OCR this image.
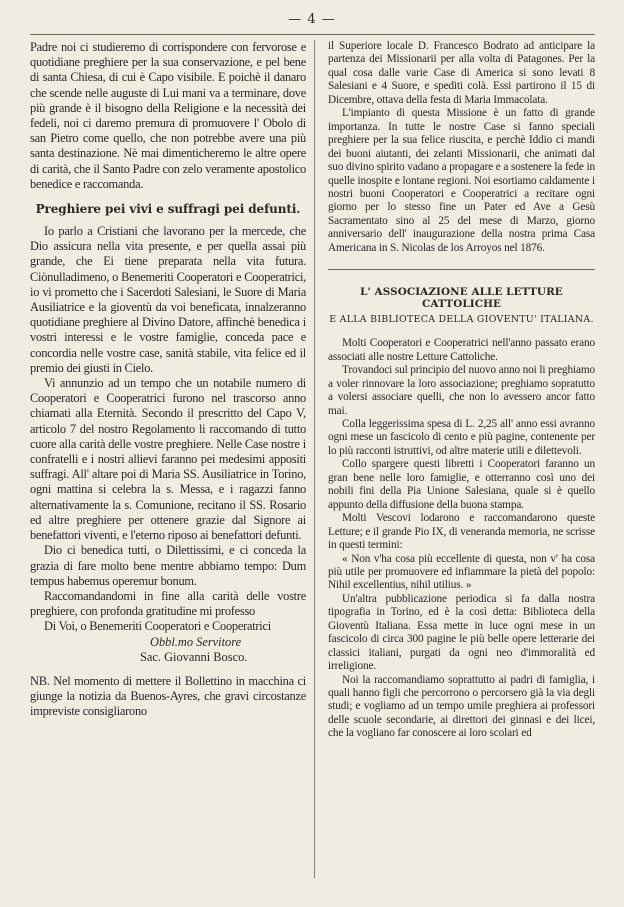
— 4 —

Padre noi ci studieremo di corrispondere con fervorose e quotidiane preghiere per la sua conservazione, e pel bene di santa Chiesa, di cui è Capo visibile. E poichè il danaro che scende nelle auguste di Lui mani va a terminare, dove più grande è il bisogno della Religione e la necessità dei fedeli, noi ci daremo premura di promuovere l' Obolo di san Pietro come quello, che non potrebbe avere una più santa destinazione. Nè mai dimenticheremo le altre opere di carità, che il Santo Padre con zelo veramente apostolico benedice e raccomanda.

Preghiere pei vivi e suffragi pei defunti.

Io parlo a Cristiani che lavorano per la mercede, che Dio assicura nella vita presente, e per quella assai più grande, che Ei tiene preparata nella vita futura. Ciònulladimeno, o Benemeriti Cooperatori e Cooperatrici, io vi prometto che i Sacerdoti Salesiani, le Suore di Maria Ausiliatrice e la gioventù da voi beneficata, innalzeranno quotidiane preghiere al Divino Datore, affinchè benedica i vostri interessi e le vostre famiglie, conceda pace e concordia nelle vostre case, sanità stabile, vita felice ed il premio dei giusti in Cielo.

Vi annunzio ad un tempo che un notabile numero di Cooperatori e Cooperatrici furono nel trascorso anno chiamati alla Eternità. Secondo il prescritto del Capo V, articolo 7 del nostro Regolamento li raccomando di tutto cuore alla carità delle vostre preghiere. Nelle Case nostre i confratelli e i nostri allievi faranno pei medesimi appositi suffragi. All' altare poi di Maria SS. Ausiliatrice in Torino, ogni mattina si celebra la s. Messa, e i ragazzi fanno alternativamente la s. Comunione, recitano il SS. Rosario ed altre preghiere per ottenere grazie dal Signore ai benefattori viventi, e l'eterno riposo ai benefattori defunti.

Dio ci benedica tutti, o Dilettissimi, e ci conceda la grazia di fare molto bene mentre abbiamo tempo: Dum tempus habemus operemur bonum.

Raccomandandomi in fine alla carità delle vostre preghiere, con profonda gratitudine mi professo

Di Voi, o Benemeriti Cooperatori e Cooperatrici

Obbl.mo Servitore

Sac. Giovanni Bosco.

NB. Nel momento di mettere il Bollettino in macchina ci giunge la notizia da Buenos-Ayres, che gravi circostanze impreviste consigliarono

il Superiore locale D. Francesco Bodrato ad anticipare la partenza dei Missionarii per alla volta di Patagones. Per la qual cosa dalle varie Case di America si sono levati 8 Salesiani e 4 Suore, e spediti colà. Essi partirono il 15 di Dicembre, ottava della festa di Maria Immacolata.

L'impianto di questa Missione è un fatto di grande importanza. In tutte le nostre Case si fanno speciali preghiere per la sua felice riuscita, e perchè Iddio ci mandi dei buoni aiutanti, dei zelanti Missionarii, che animati dal suo divino spirito vadano a propagare e a sostenere la fede in quelle inospite e lontane regioni. Noi esortiamo caldamente i nostri buoni Cooperatori e Cooperatrici a recitare ogni giorno per lo stesso fine un Pater ed Ave a Gesù Sacramentato sino al 25 del mese di Marzo, giorno anniversario dell' inaugurazione della nostra prima Casa Americana in S. Nicolas de los Arroyos nel 1876.

L' ASSOCIAZIONE ALLE LETTURE CATTOLICHE

E ALLA BIBLIOTECA DELLA GIOVENTU' ITALIANA.

Molti Cooperatori e Cooperatrici nell'anno passato erano associati alle nostre Letture Cattoliche.

Trovandoci sul principio del nuovo anno noi li preghiamo a voler rinnovare la loro associazione; preghiamo sopratutto a volersi associare quelli, che non lo avessero ancor fatto mai.

Colla leggerissima spesa di L. 2,25 all' anno essi avranno ogni mese un fascicolo di cento e più pagine, contenente per lo più racconti istruttivi, od altre materie utili e dilettevoli.

Collo spargere questi libretti i Cooperatori faranno un gran bene nelle loro famiglie, e otterranno così uno dei nobili fini della Pia Unione Salesiana, quale si è quello appunto della diffusione della buona stampa.

Molti Vescovi lodarono e raccomandarono queste Letture; e il grande Pio IX, di veneranda memoria, ne scrisse in questi termini:

« Non v'ha cosa più eccellente di questa, non v' ha cosa più utile per promuovere ed infiammare la pietà del popolo: Nihil excellentius, nihil utilius. »

Un'altra pubblicazione periodica si fa dalla nostra tipografia in Torino, ed è la così detta: Biblioteca della Gioventù Italiana. Essa mette in luce ogni mese in un fascicolo di circa 300 pagine le più belle opere letterarie dei classici italiani, purgati da ogni neo d'immoralità ed irreligione.

Noi la raccomandiamo soprattutto ai padri di famiglia, i quali hanno figli che percorrono o percorsero già la via degli studi; e vogliamo ad un tempo umile preghiera ai professori delle scuole secondarie, ai direttori dei ginnasi e dei licei, che la vogliano far conoscere ai loro scolari ed
